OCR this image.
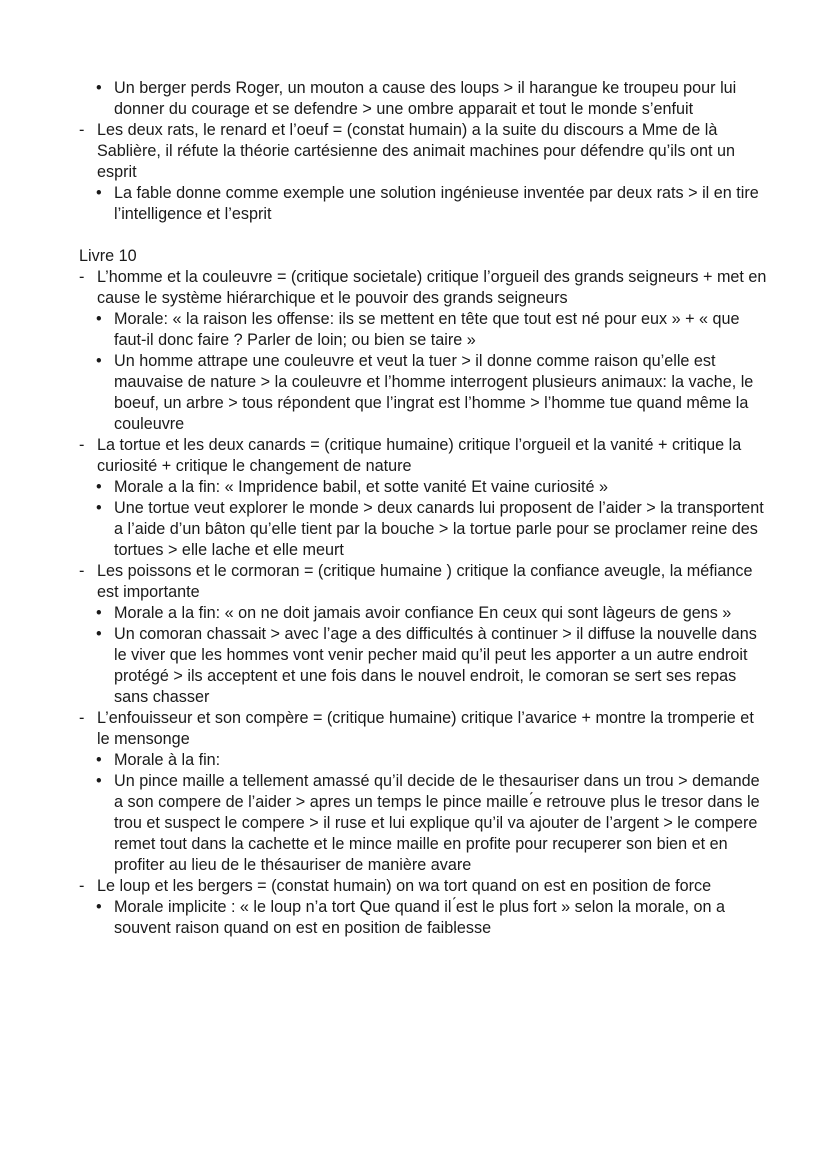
• Un berger perds Roger, un mouton a cause des loups > il harangue ke troupeu pour lui donner du courage et se defendre > une ombre apparait et tout le monde s’enfuit
- Les deux rats, le renard et l’oeuf = (constat humain) a la suite du discours a Mme de là Sablière, il réfute la théorie cartésienne des animait machines pour défendre qu’ils ont un esprit
• La fable donne comme exemple une solution ingénieuse inventée par deux rats > il en tire l’intelligence et l’esprit
Livre 10
- L’homme et la couleuvre = (critique societale) critique l’orgueil des grands seigneurs + met en cause le système hiérarchique et le pouvoir des grands seigneurs
• Morale: « la raison les offense: ils se mettent en tête que tout est né pour eux » + « que faut-il donc faire ? Parler de loin; ou bien se taire »
• Un homme attrape une couleuvre et veut la tuer > il donne comme raison qu’elle est mauvaise de nature > la couleuvre et l’homme interrogent plusieurs animaux: la vache, le boeuf, un arbre > tous répondent que l’ingrat est l’homme > l’homme tue quand même la couleuvre
- La tortue et les deux canards = (critique humaine) critique l’orgueil et la vanité + critique la curiosité + critique le changement de nature
• Morale a la fin: « Impridence babil, et sotte vanité Et vaine curiosité »
• Une tortue veut explorer le monde > deux canards lui proposent de l’aider > la transportent a l’aide d’un bâton qu’elle tient par la bouche > la tortue parle pour se proclamer reine des tortues > elle lache et elle meurt
- Les poissons et le cormoran = (critique humaine ) critique la confiance aveugle, la méfiance est importante
• Morale a la fin: « on ne doit jamais avoir confiance En ceux qui sont làgeurs de gens »
• Un comoran chassait > avec l’age a des difficultés à continuer > il diffuse la nouvelle dans le viver que les hommes vont venir pecher maid qu’il peut les apporter a un autre endroit protégé > ils acceptent et une fois dans le nouvel endroit, le comoran se sert ses repas sans chasser
- L’enfouisseur et son compère = (critique humaine) critique l’avarice + montre la tromperie et le mensonge
• Morale à la fin:
• Un pince maille a tellement amassé qu’il decide de le thesauriser dans un trou > demande a son compere de l’aider > apres un temps le pince maille ́e retrouve plus le tresor dans le trou et suspect le compere > il ruse et lui explique qu’il va ajouter de l’argent > le compere remet tout dans la cachette et le mince maille en profite pour recuperer son bien et en profiter au lieu de le thésauriser de manière avare
- Le loup et les bergers = (constat humain) on wa tort quand on est en position de force
• Morale implicite : « le loup n’a tort Que quand il ́est le plus fort » selon la morale, on a souvent raison quand on est en position de faiblesse
